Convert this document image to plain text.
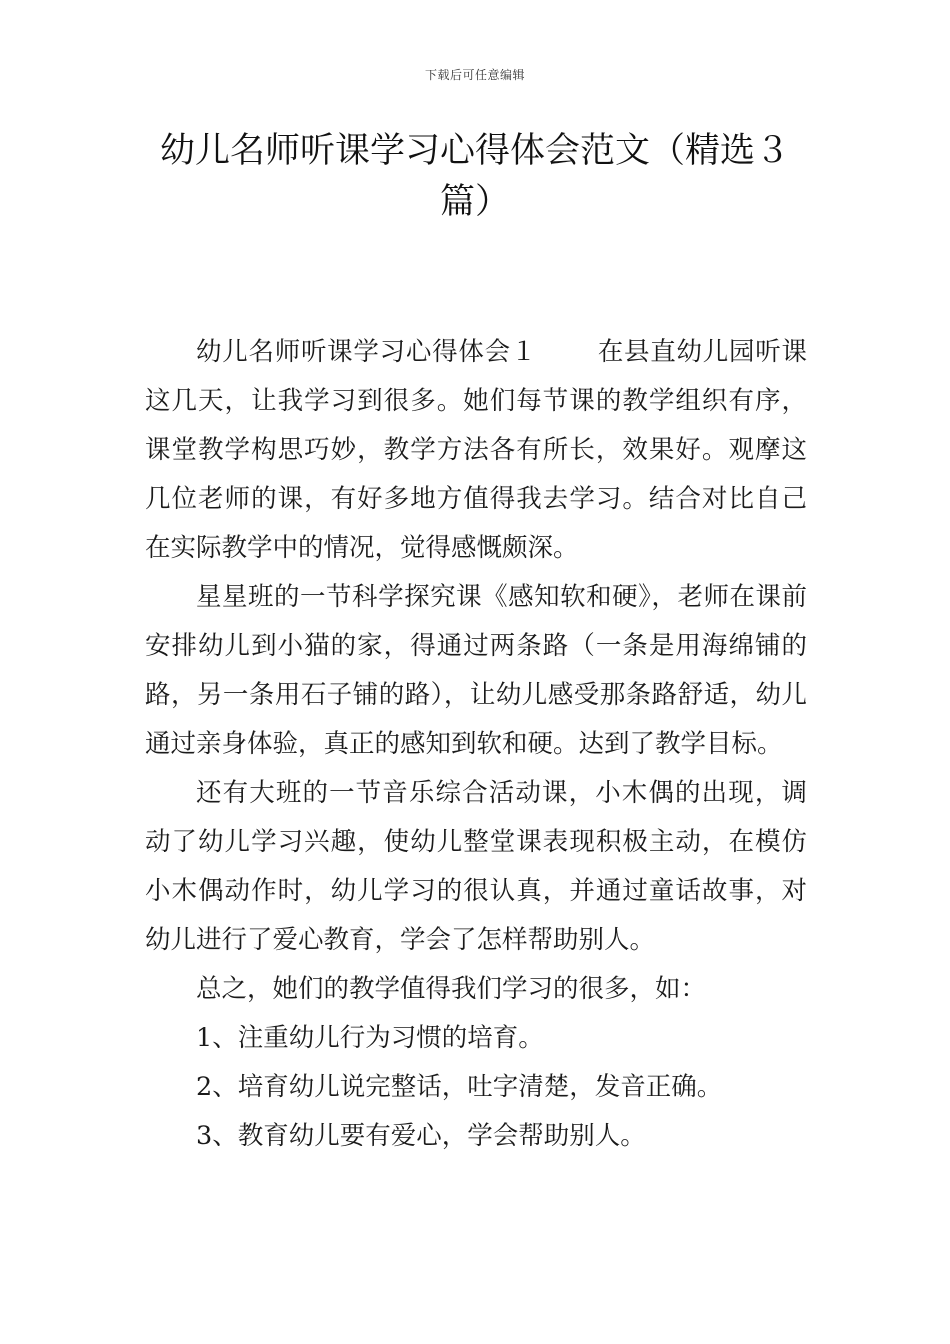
下载后可任意编辑
幼儿名师听课学习心得体会范文（精选３篇）

幼儿名师听课学习心得体会１ 在县直幼儿园听课这几天，让我学习到很多。她们每节课的教学组织有序，课堂教学构思巧妙，教学方法各有所长，效果好。观摩这几位老师的课，有好多地方值得我去学习。结合对比自己在实际教学中的情况，觉得感慨颇深。

星星班的一节科学探究课《感知软和硬》，老师在课前安排幼儿到小猫的家，得通过两条路（一条是用海绵铺的路，另一条用石子铺的路），让幼儿感受那条路舒适，幼儿通过亲身体验，真正的感知到软和硬。达到了教学目标。

还有大班的一节音乐综合活动课，小木偶的出现，调动了幼儿学习兴趣，使幼儿整堂课表现积极主动，在模仿小木偶动作时，幼儿学习的很认真，并通过童话故事，对幼儿进行了爱心教育，学会了怎样帮助别人。

总之，她们的教学值得我们学习的很多，如：

1、注重幼儿行为习惯的培育。

2、培育幼儿说完整话，吐字清楚，发音正确。

3、教育幼儿要有爱心，学会帮助别人。
